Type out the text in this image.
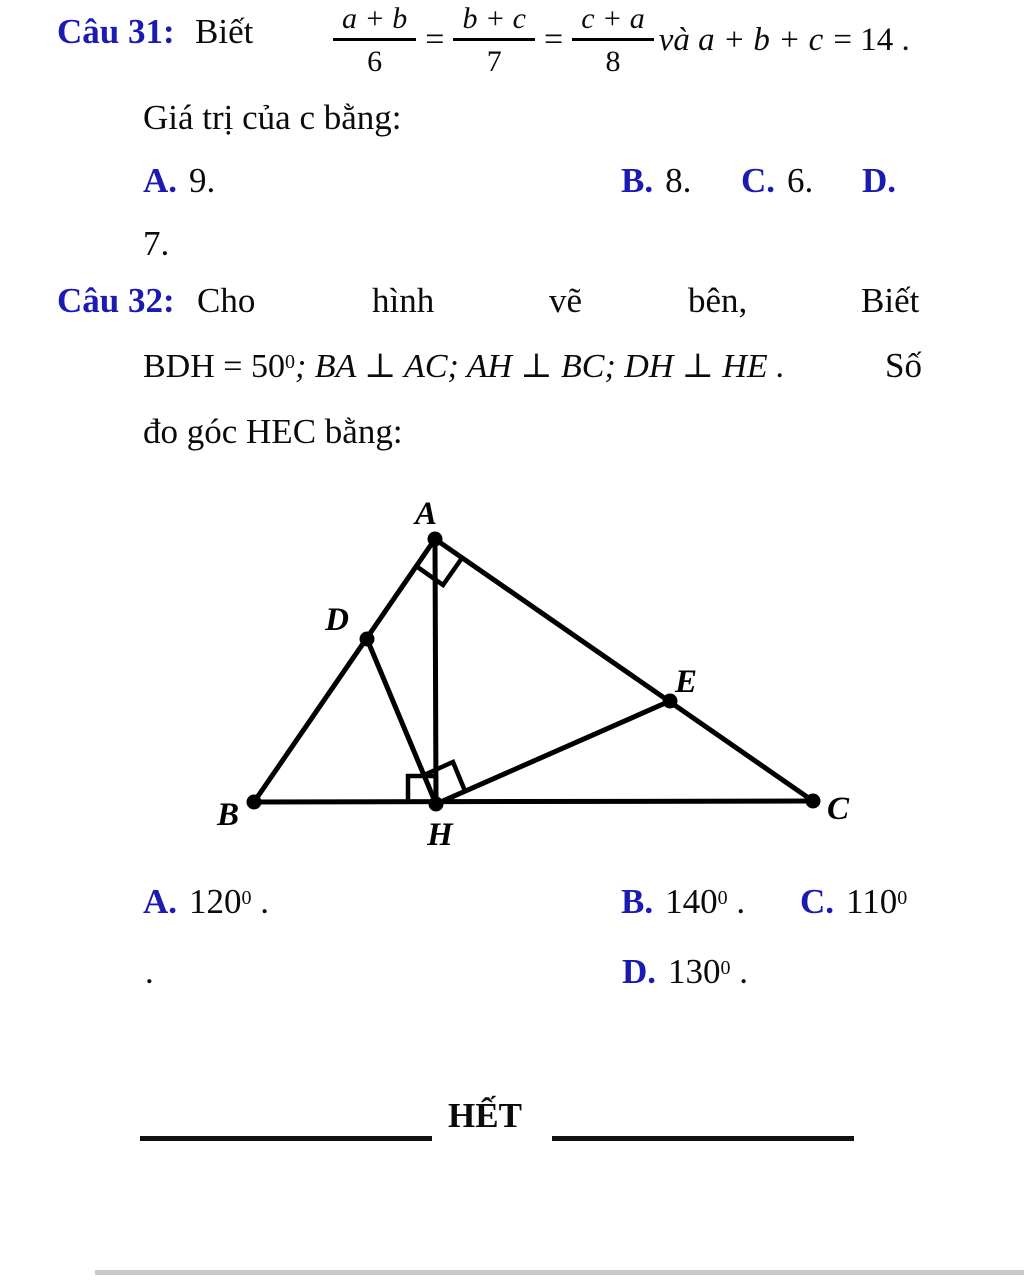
Câu 31: Biết	$\frac{a + b}{6} = \frac{b + c}{7} = \frac{c + a}{8}$ và a + b + c = 14 .
Giá trị của c bằng:
A. 9.	B. 8. C. 6. D.
7.
Câu 32: Cho	hình	vẽ	bên,	Biết
BDH = $50^0$; BA ⊥ AC; AH ⊥ BC; DH ⊥ HE .	Số
đo góc HEC bằng:
A
B	C
D
E
H
A. $120^0$ .	B. $140^0$ . C. $110^0$
.	D. $130^0$ .
HẾT
